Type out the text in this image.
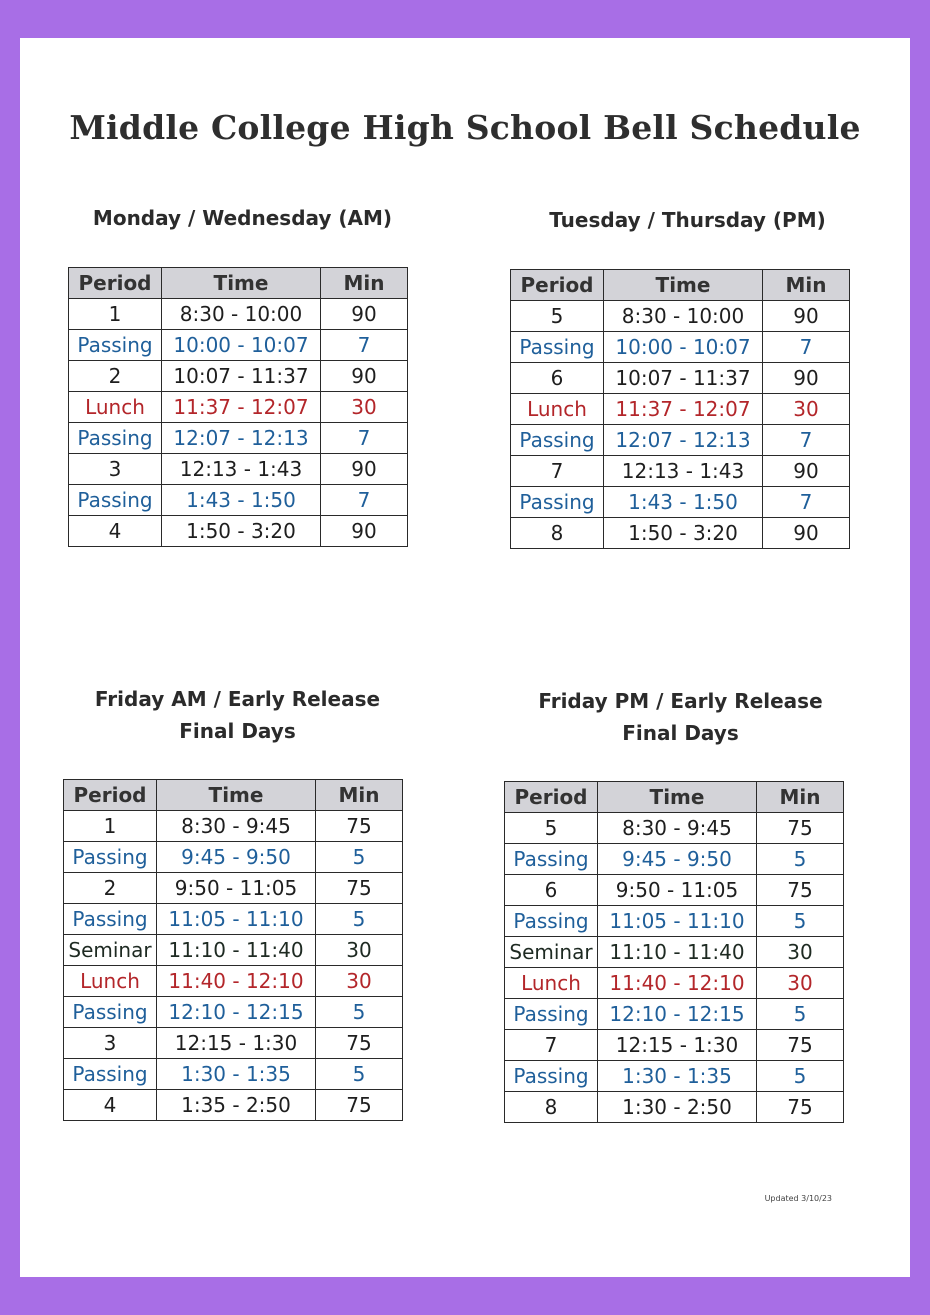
Middle College High School Bell Schedule
Monday / Wednesday (AM)
Period	Time	Min
1	8:30 - 10:00	90
Passing	10:00 - 10:07	7
2	10:07 - 11:37	90
Lunch	11:37 - 12:07	30
Passing	12:07 - 12:13	7
3	12:13 - 1:43	90
Passing	1:43 - 1:50	7
4	1:50 - 3:20	90
Tuesday / Thursday (PM)
Period	Time	Min
5	8:30 - 10:00	90
Passing	10:00 - 10:07	7
6	10:07 - 11:37	90
Lunch	11:37 - 12:07	30
Passing	12:07 - 12:13	7
7	12:13 - 1:43	90
Passing	1:43 - 1:50	7
8	1:50 - 3:20	90
Friday AM / Early Release
Final Days
Period	Time	Min
1	8:30 - 9:45	75
Passing	9:45 - 9:50	5
2	9:50 - 11:05	75
Passing	11:05 - 11:10	5
Seminar	11:10 - 11:40	30
Lunch	11:40 - 12:10	30
Passing	12:10 - 12:15	5
3	12:15 - 1:30	75
Passing	1:30 - 1:35	5
4	1:35 - 2:50	75
Friday PM / Early Release
Final Days
Period	Time	Min
5	8:30 - 9:45	75
Passing	9:45 - 9:50	5
6	9:50 - 11:05	75
Passing	11:05 - 11:10	5
Seminar	11:10 - 11:40	30
Lunch	11:40 - 12:10	30
Passing	12:10 - 12:15	5
7	12:15 - 1:30	75
Passing	1:30 - 1:35	5
8	1:30 - 2:50	75
Updated 3/10/23
